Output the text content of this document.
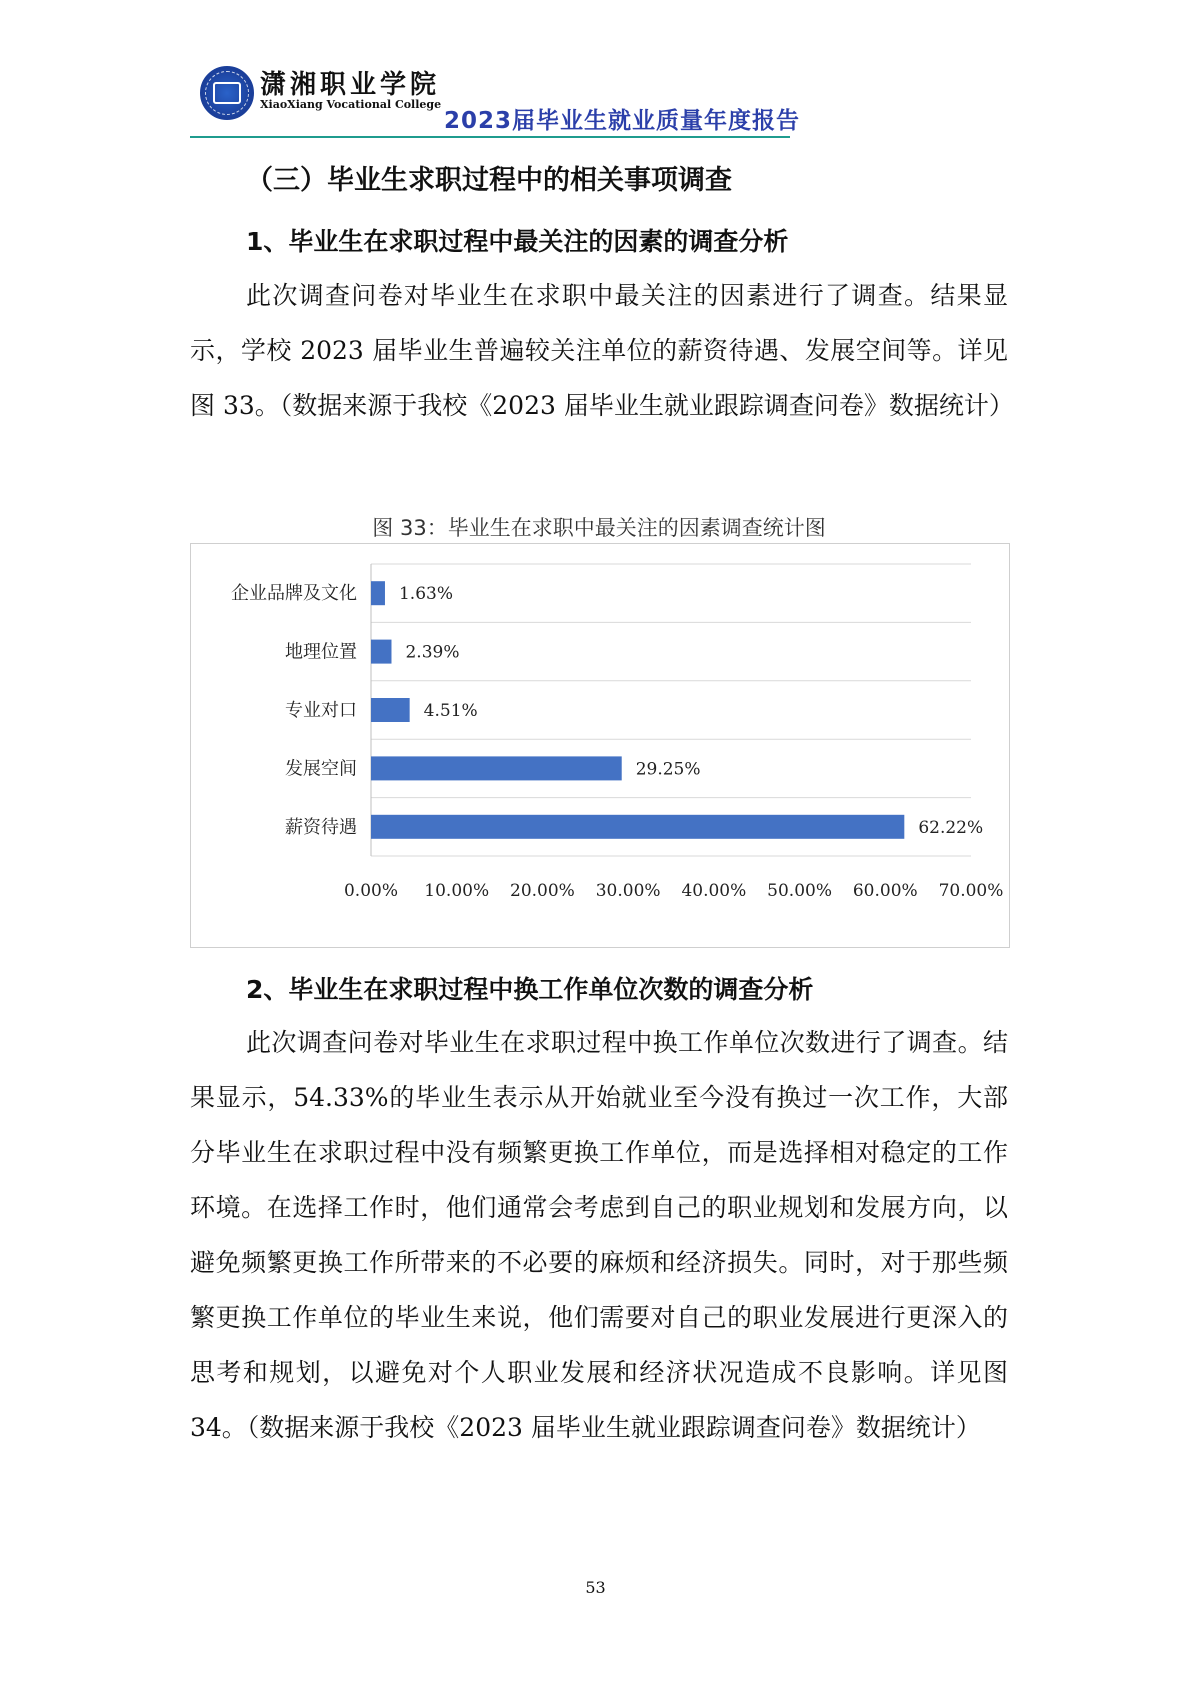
潇湘职业学院
XiaoXiang Vocational College
2023届毕业生就业质量年度报告
（三）毕业生求职过程中的相关事项调查
1、毕业生在求职过程中最关注的因素的调查分析
此次调查问卷对毕业生在求职中最关注的因素进行了调查。结果显示，学校 2023 届毕业生普遍较关注单位的薪资待遇、发展空间等。详见图 33。（数据来源于我校《2023 届毕业生就业跟踪调查问卷》数据统计）
图 33：毕业生在求职中最关注的因素调查统计图
企业品牌及文化 1.63%
地理位置	2.39%
专业对口	4.51%
发展空间	29.25%
薪资待遇	62.22%
0.00% 10.00% 20.00% 30.00% 40.00% 50.00% 60.00% 70.00%
2、毕业生在求职过程中换工作单位次数的调查分析
此次调查问卷对毕业生在求职过程中换工作单位次数进行了调查。结果显示，54.33%的毕业生表示从开始就业至今没有换过一次工作，大部分毕业生在求职过程中没有频繁更换工作单位，而是选择相对稳定的工作环境。在选择工作时，他们通常会考虑到自己的职业规划和发展方向，以避免频繁更换工作所带来的不必要的麻烦和经济损失。同时，对于那些频繁更换工作单位的毕业生来说，他们需要对自己的职业发展进行更深入的思考和规划，以避免对个人职业发展和经济状况造成不良影响。详见图 34。（数据来源于我校《2023 届毕业生就业跟踪调查问卷》数据统计）
53
